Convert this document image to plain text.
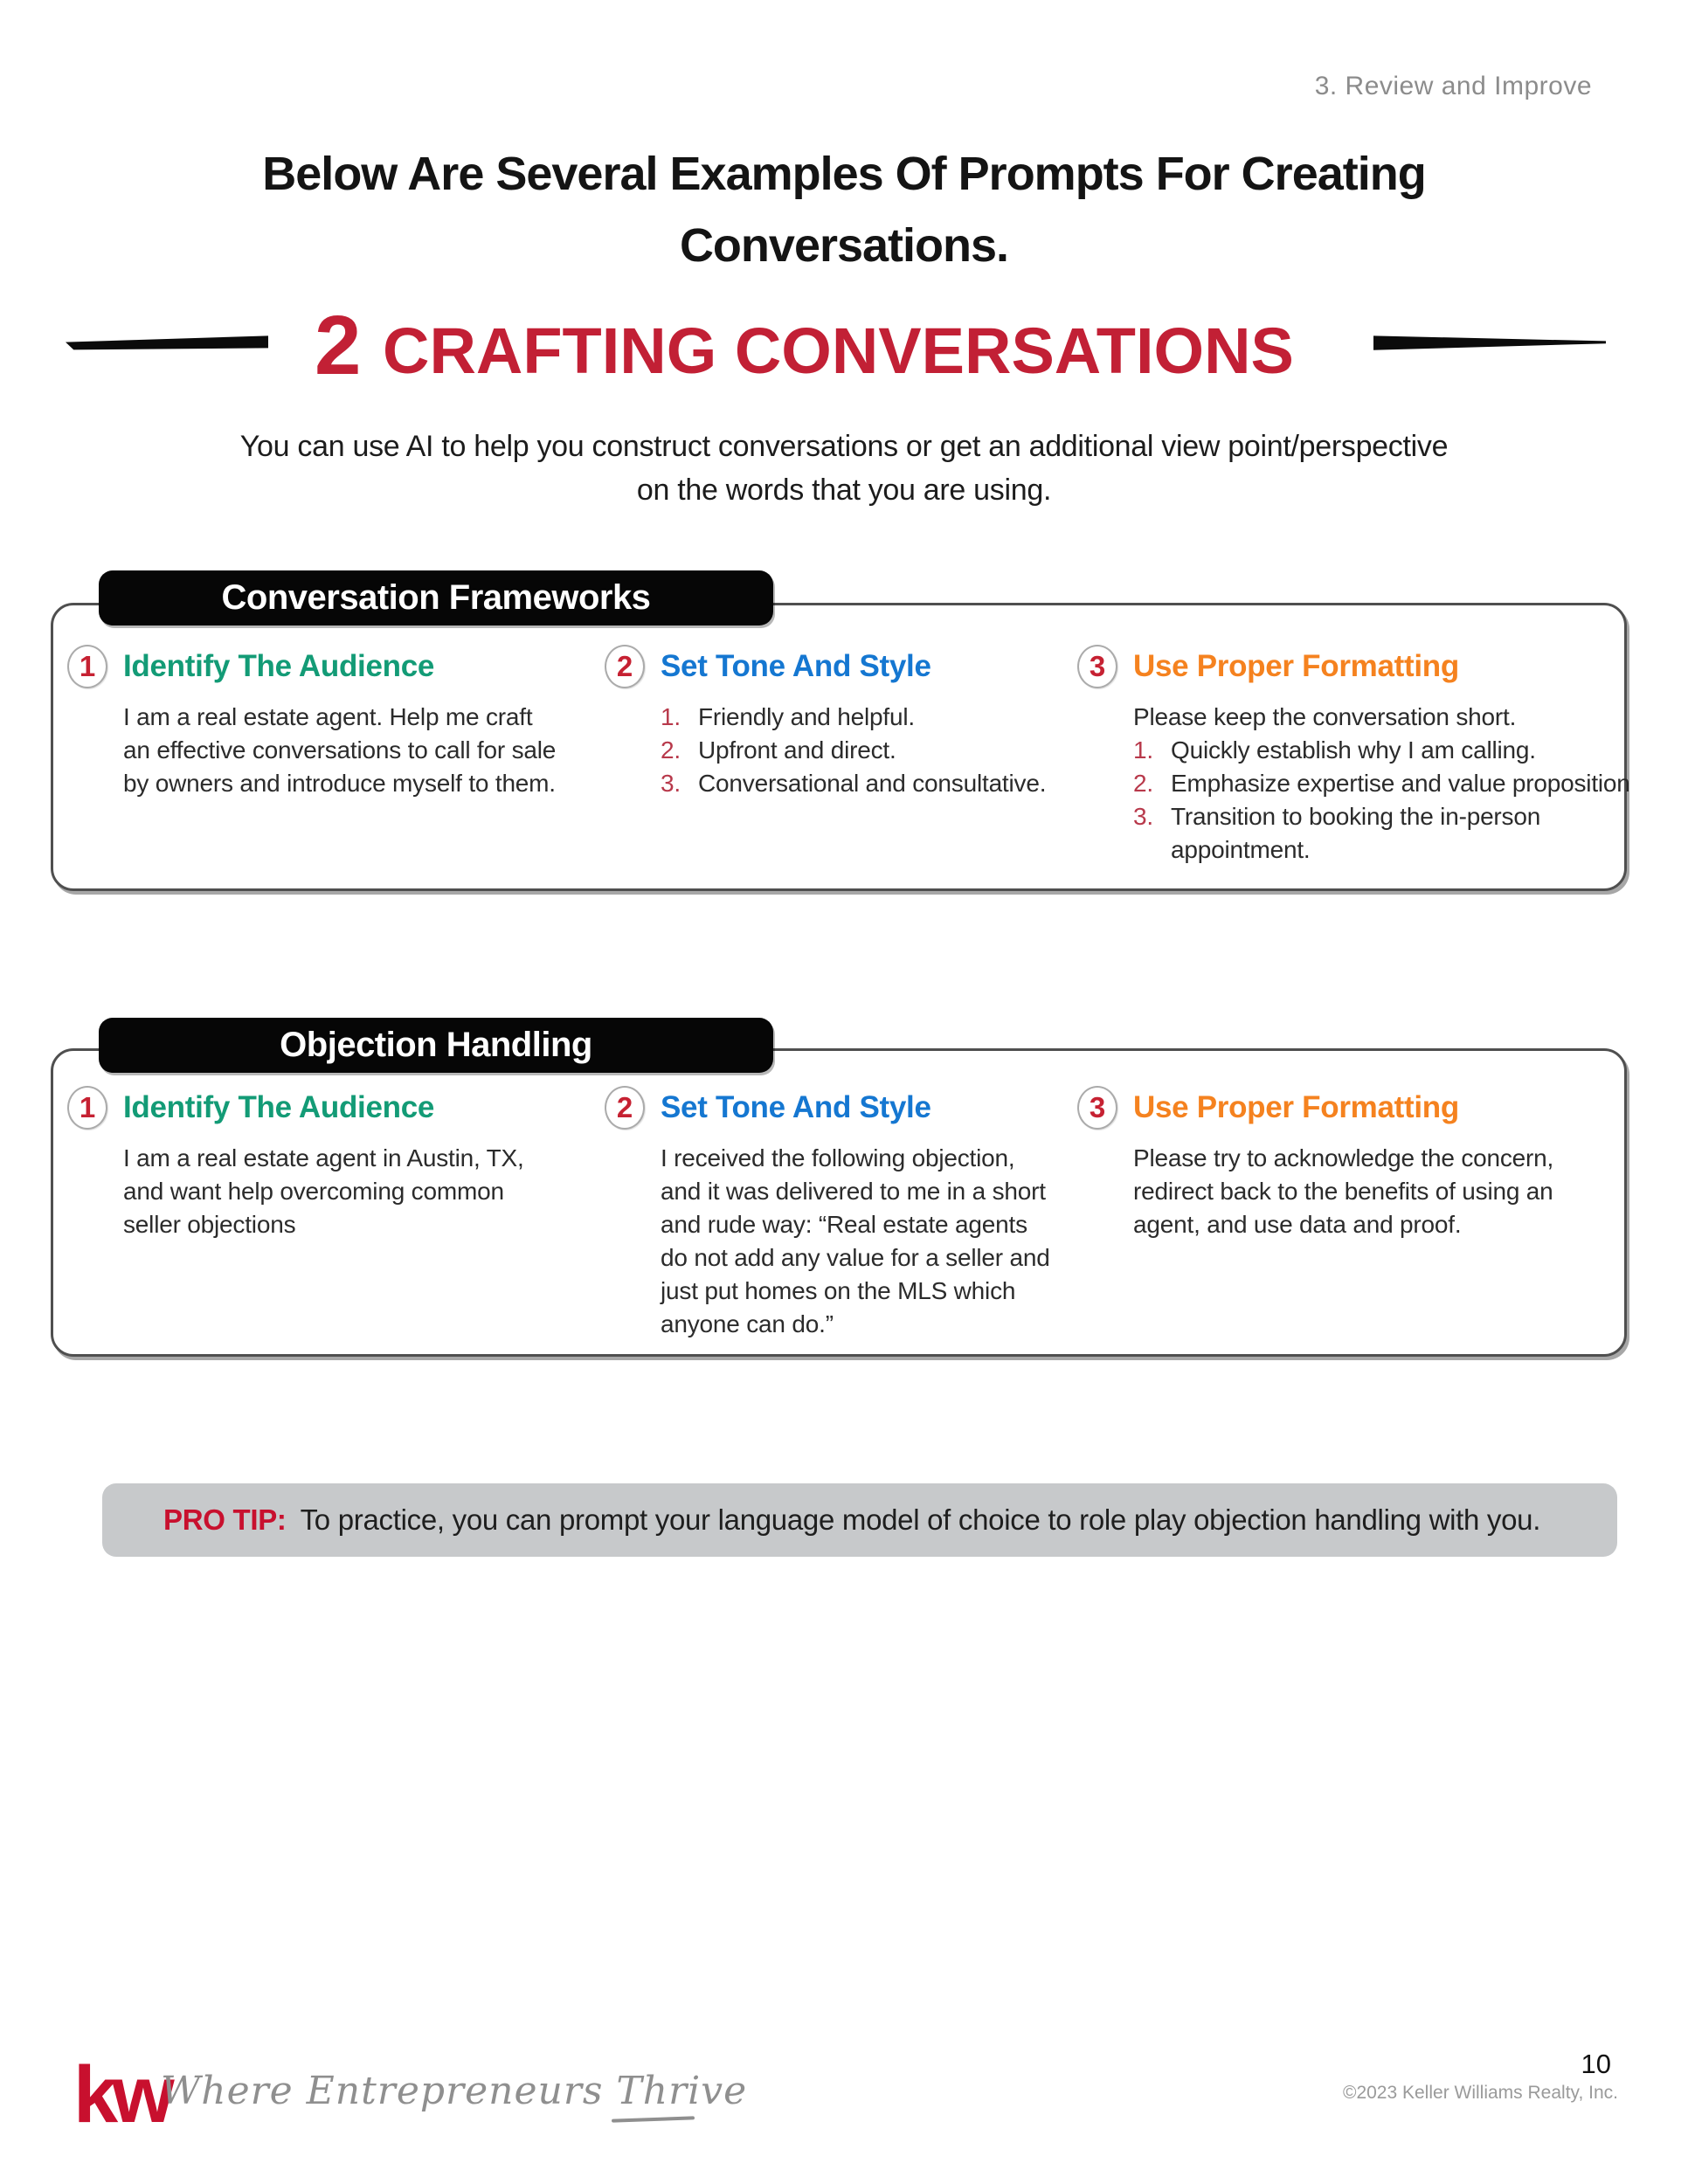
3. Review and Improve
Below Are Several Examples Of Prompts For Creating
Conversations.
2 CRAFTING CONVERSATIONS
You can use AI to help you construct conversations or get an additional view point/perspective
on the words that you are using.
Conversation Frameworks
1 Identify The Audience
I am a real estate agent. Help me craft an effective conversations to call for sale by owners and introduce myself to them.
2 Set Tone And Style
1. Friendly and helpful.
2. Upfront and direct.
3. Conversational and consultative.
3 Use Proper Formatting
Please keep the conversation short.
1. Quickly establish why I am calling.
2. Emphasize expertise and value proposition
3. Transition to booking the in-person appointment.
Objection Handling
1 Identify The Audience
I am a real estate agent in Austin, TX, and want help overcoming common seller objections
2 Set Tone And Style
I received the following objection, and it was delivered to me in a short and rude way: “Real estate agents do not add any value for a seller and just put homes on the MLS which anyone can do.”
3 Use Proper Formatting
Please try to acknowledge the concern, redirect back to the benefits of using an agent, and use data and proof.
PRO TIP: To practice, you can prompt your language model of choice to role play objection handling with you.
kw
Where Entrepreneurs Thrive
10
©2023 Keller Williams Realty, Inc.
